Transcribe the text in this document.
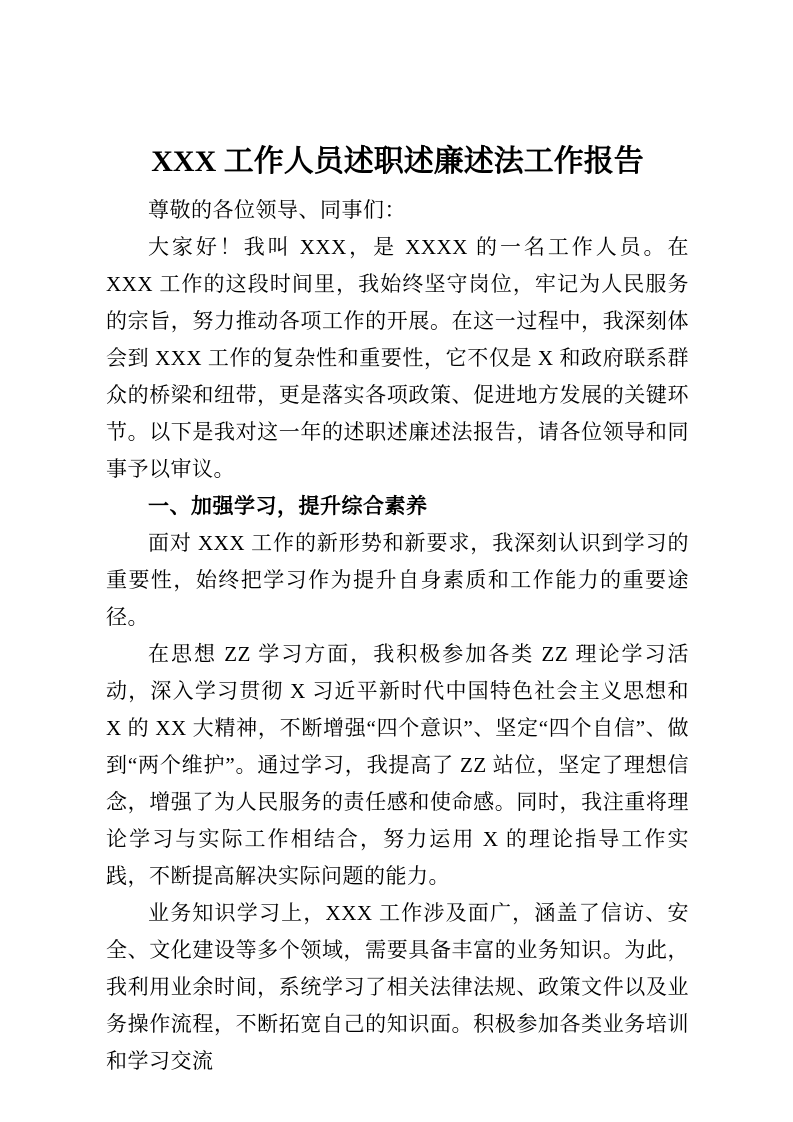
XXX 工作人员述职述廉述法工作报告

尊敬的各位领导、同事们：

大家好！我叫 XXX，是 XXXX 的一名工作人员。在 XXX 工作的这段时间里，我始终坚守岗位，牢记为人民服务的宗旨，努力推动各项工作的开展。在这一过程中，我深刻体会到 XXX 工作的复杂性和重要性，它不仅是 X 和政府联系群众的桥梁和纽带，更是落实各项政策、促进地方发展的关键环节。以下是我对这一年的述职述廉述法报告，请各位领导和同事予以审议。

一、加强学习，提升综合素养

面对 XXX 工作的新形势和新要求，我深刻认识到学习的重要性，始终把学习作为提升自身素质和工作能力的重要途径。

在思想 ZZ 学习方面，我积极参加各类 ZZ 理论学习活动，深入学习贯彻 X 习近平新时代中国特色社会主义思想和 X 的 XX 大精神，不断增强“四个意识”、坚定“四个自信”、做到“两个维护”。通过学习，我提高了 ZZ 站位，坚定了理想信念，增强了为人民服务的责任感和使命感。同时，我注重将理论学习与实际工作相结合，努力运用 X 的理论指导工作实践，不断提高解决实际问题的能力。

业务知识学习上，XXX 工作涉及面广，涵盖了信访、安全、文化建设等多个领域，需要具备丰富的业务知识。为此，我利用业余时间，系统学习了相关法律法规、政策文件以及业务操作流程，不断拓宽自己的知识面。积极参加各类业务培训和学习交流
